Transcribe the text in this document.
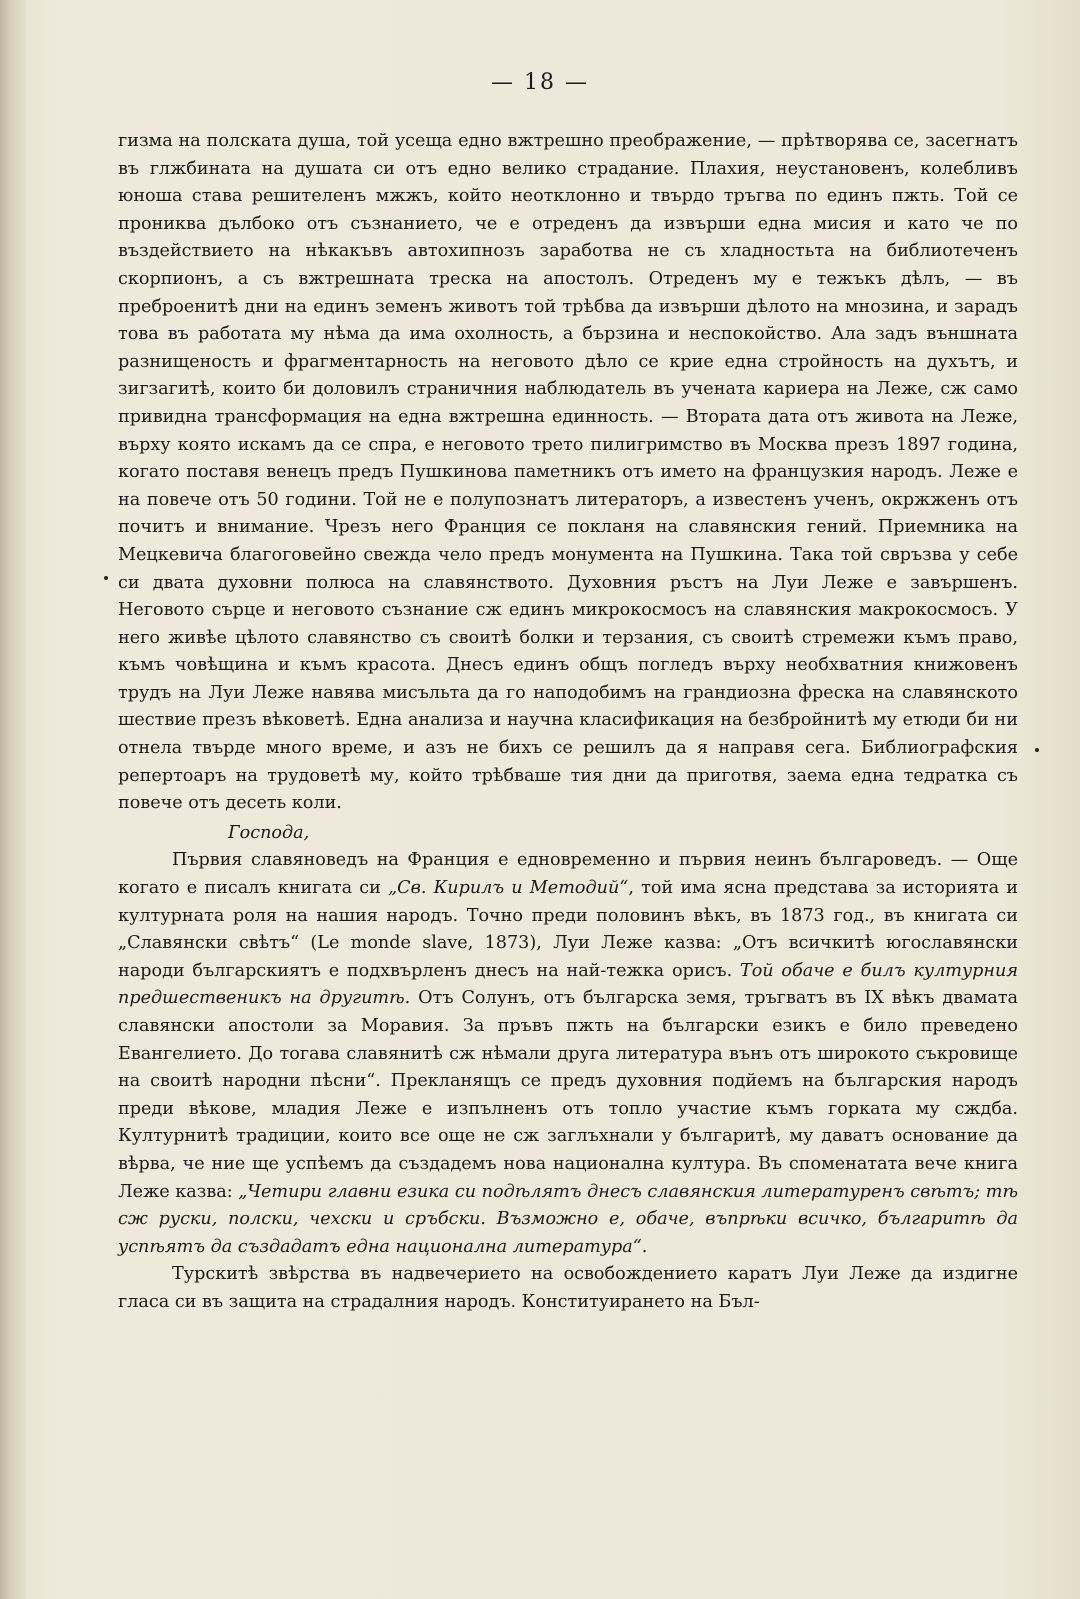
— 18 —

гизма на полската душа, той усеща едно вжтрешно преображение, — прѣтворява се, засегнатъ въ глжбината на душата си отъ едно велико страдание. Плахия, неустановенъ, колебливъ юноша става решителенъ мжжъ, който неотклонно и твърдо тръгва по единъ пжть. Той се прониква дълбоко отъ съзнанието, че е отреденъ да извърши една мисия и като че по въздействието на нѣкакъвъ автохипнозъ заработва не съ хладностьта на библиотеченъ скорпионъ, а съ вжтрешната треска на апостолъ. Отреденъ му е тежъкъ дѣлъ, — въ преброенитѣ дни на единъ земенъ животъ той трѣбва да извърши дѣлото на мнозина, и зарадъ това въ работата му нѣма да има охолность, а бързина и неспокойство. Ала задъ външната разнищеность и фрагментарность на неговото дѣло се крие една стройность на духътъ, и зигзагитѣ, които би доловилъ страничния наблюдатель въ учената кариера на Леже, сж само привидна трансформация на една вжтрешна единность. — Втората дата отъ живота на Леже, върху която искамъ да се спра, е неговото трето пилигримство въ Москва презъ 1897 година, когато поставя венецъ предъ Пушкинова паметникъ отъ името на французкия народъ. Леже е на повече отъ 50 години. Той не е полупознатъ литераторъ, а известенъ ученъ, окржженъ отъ почитъ и внимание. Чрезъ него Франция се покланя на славянския гений. Приемника на Мецкевича благоговейно свежда чело предъ монумента на Пушкина. Така той свръзва у себе си двата духовни полюса на славянството. Духовния ръстъ на Луи Леже е завършенъ. Неговото сърце и неговото съзнание сж единъ микрокосмосъ на славянския макрокосмосъ. У него живѣе цѣлото славянство съ своитѣ болки и терзания, съ своитѣ стремежи къмъ право, къмъ човѣщина и къмъ красота. Днесъ единъ общъ погледъ върху необхватния книжовенъ трудъ на Луи Леже навява мисъльта да го наподобимъ на грандиозна фреска на славянското шествие презъ вѣковетѣ. Една анализа и научна класификация на безбройнитѣ му етюди би ни отнела твърде много време, и азъ не бихъ се решилъ да я направя сега. Библиографския репертоаръ на трудоветѣ му, който трѣбваше тия дни да приготвя, заема една тедратка съ повече отъ десеть коли.

Господа,

Първия славяноведъ на Франция е едновременно и първия неинъ българоведъ. — Още когато е писалъ книгата си „Св. Кирилъ и Методий“, той има ясна представа за историята и културната роля на нашия народъ. Точно преди половинъ вѣкъ, въ 1873 год., въ книгата си „Славянски свѣтъ“ (Le monde slave, 1873), Луи Леже казва: „Отъ всичкитѣ югославянски народи българскиятъ е подхвърленъ днесъ на най-тежка орисъ. Той обаче е билъ културния предшественикъ на другитѣ. Отъ Солунъ, отъ българска земя, тръгватъ въ IX вѣкъ двамата славянски апостоли за Моравия. За пръвъ пжть на български езикъ е било преведено Евангелието. До тогава славянитѣ сж нѣмали друга литература вънъ отъ широкото съкровище на своитѣ народни пѣсни“. Прекланящъ се предъ духовния подйемъ на българския народъ преди вѣкове, младия Леже е изпълненъ отъ топло участие къмъ горката му сждба. Културнитѣ традиции, които все още не сж заглъхнали у българитѣ, му даватъ основание да вѣрва, че ние ще успѣемъ да създадемъ нова национална култура. Въ споменатата вече книга Леже казва: „Четири главни езика си подѣлятъ днесъ славянския литературенъ свѣтъ; тѣ сж руски, полски, чехски и сръбски. Възможно е, обаче, въпрѣки всичко, българитѣ да успѣятъ да създадатъ една национална литература“.

Турскитѣ звѣрства въ надвечерието на освобождението каратъ Луи Леже да издигне гласа си въ защита на страдалния народъ. Конституирането на Бъл-
